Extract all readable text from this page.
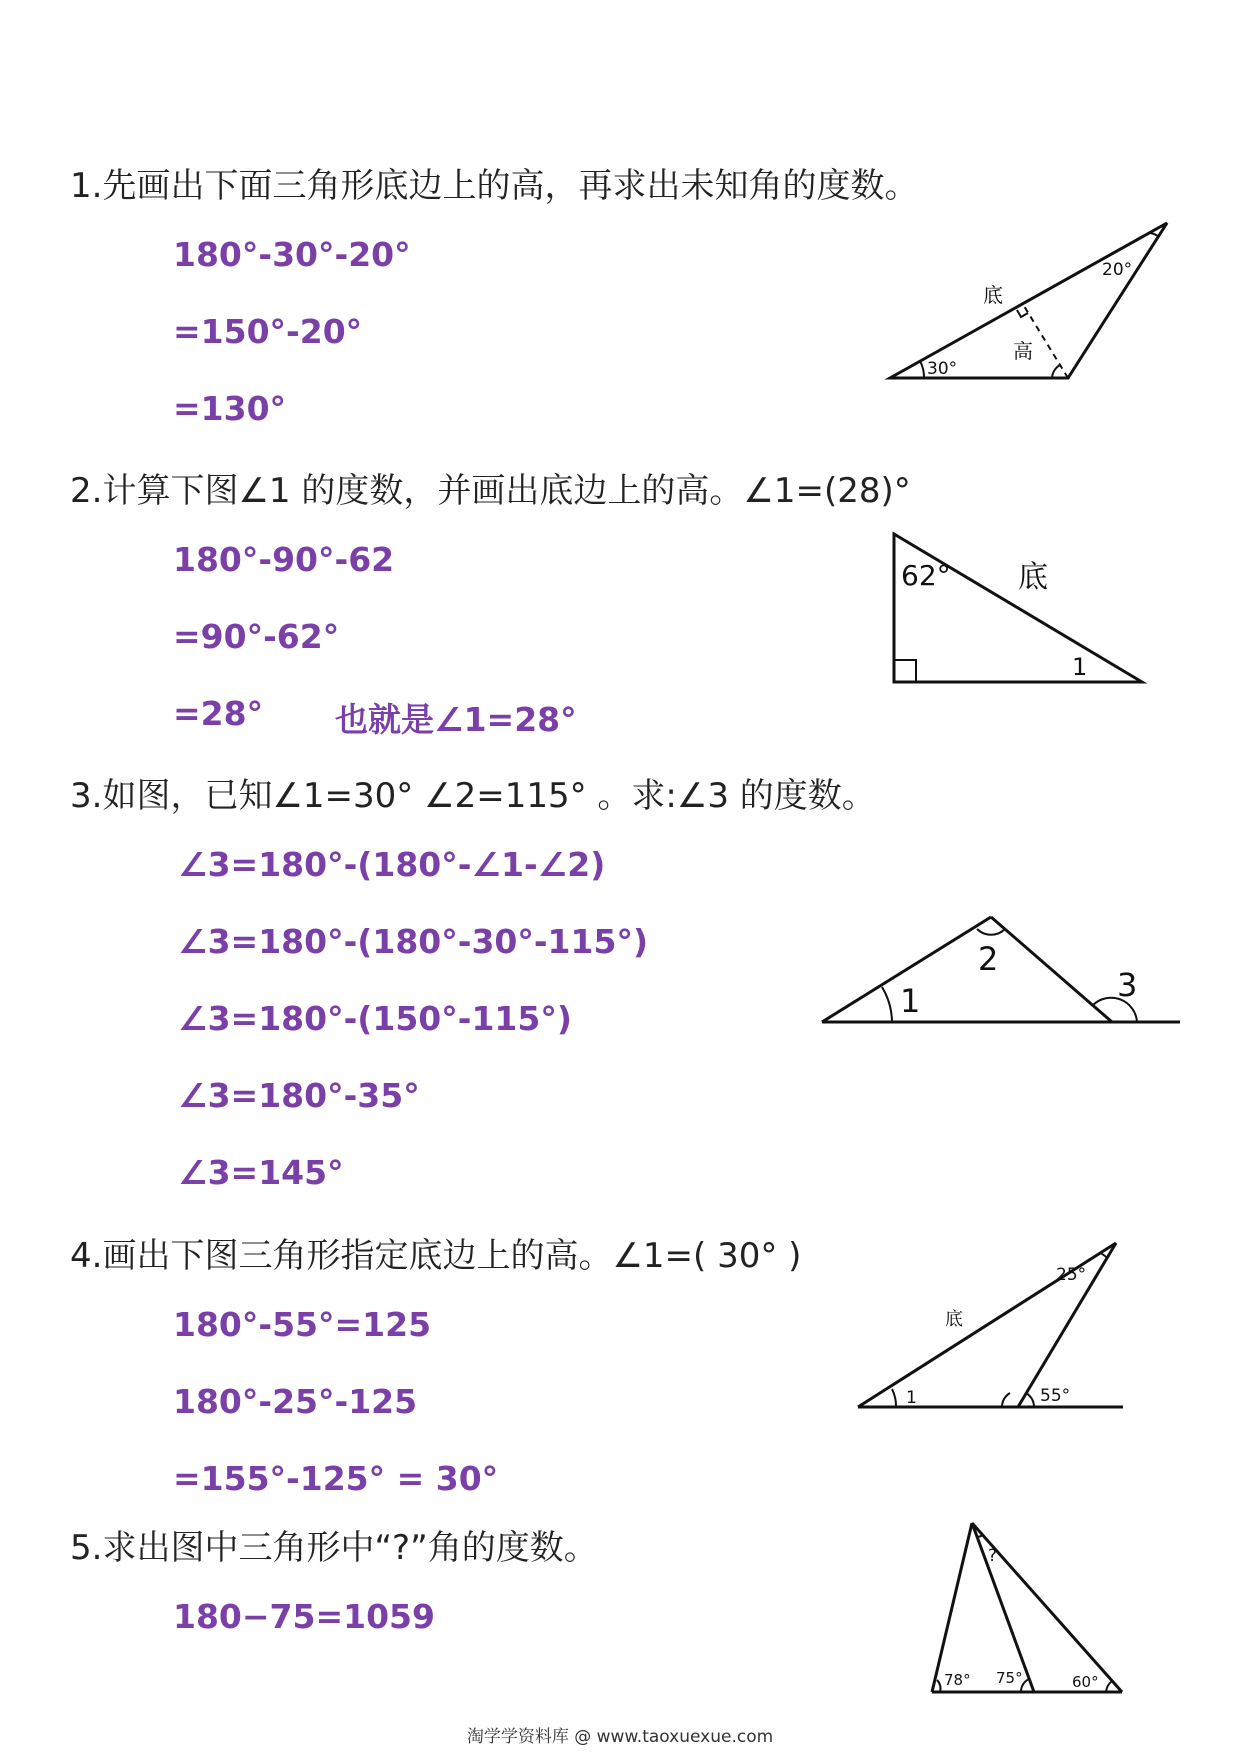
1.先画出下面三角形底边上的高，再求出未知角的度数。

180°-30°-20°

=150°-20°

=130°

底
高
30°
20°

2.计算下图∠1 的度数，并画出底边上的高。∠1=(28)°

180°-90°-62

=90°-62°

=28° 也就是∠1=28°

62° 底
1

3.如图，已知∠1=30° ∠2=115° 。求:∠3 的度数。

∠3=180°-(180°-∠1-∠2)

∠3=180°-(180°-30°-115°)

∠3=180°-(150°-115°)

∠3=180°-35°

∠3=145°

1
2
3

4.画出下图三角形指定底边上的高。∠1=( 30° )

180°-55°=125

180°-25°-125

=155°-125° = 30°

底
25°
1	55°

5.求出图中三角形中“?”角的度数。

180−75=1059

?
78° 75°	60°
淘学学资料库 @ www.taoxuexue.com
